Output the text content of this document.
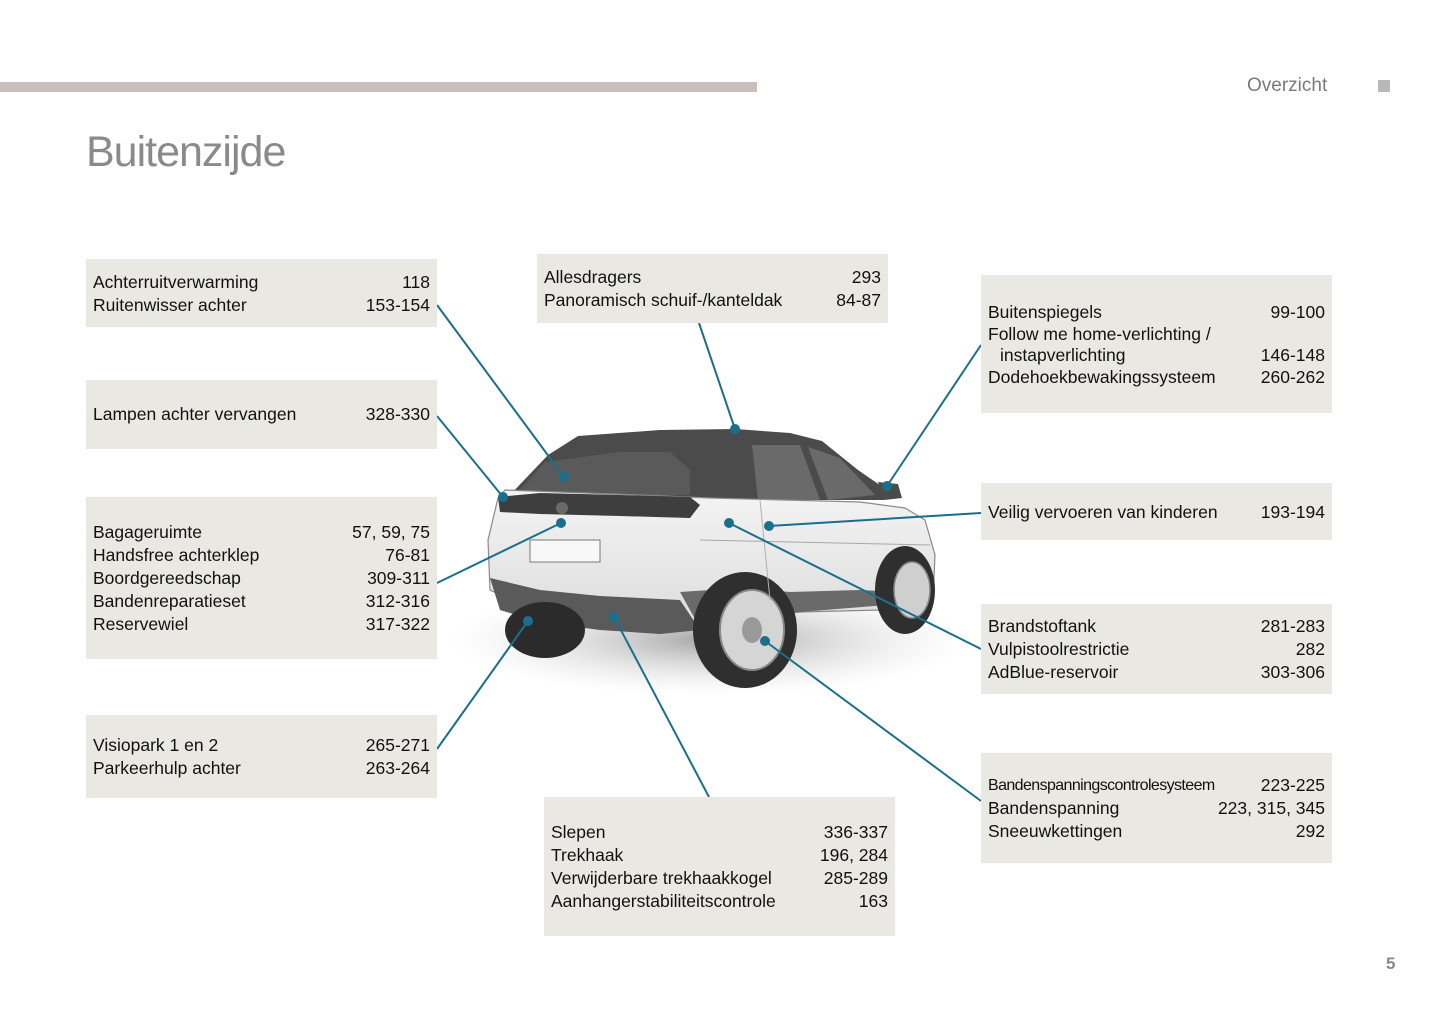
Overzicht
Buitenzijde
Achterruitverwarming	118
Ruitenwisser achter	153-154
Lampen achter vervangen	328-330
Bagageruimte	57, 59, 75
Handsfree achterklep	76-81
Boordgereedschap	309-311
Bandenreparatieset	312-316
Reservewiel	317-322
Visiopark 1 en 2	265-271
Parkeerhulp achter	263-264
Allesdragers	293
Panoramisch schuif-/kanteldak	84-87
Slepen	336-337
Trekhaak	196, 284
Verwijderbare trekhaakkogel	285-289
Aanhangerstabiliteitscontrole	163
Buitenspiegels	99-100
Follow me home-verlichting /
instapverlichting	146-148
Dodehoekbewakingssysteem	260-262
Veilig vervoeren van kinderen 193-194
Brandstoftank	281-283
Vulpistoolrestrictie	282
AdBlue-reservoir	303-306
Bandenspanningscontrolesysteem	223-225
Bandenspanning	223, 315, 345
Sneeuwkettingen	292
5
